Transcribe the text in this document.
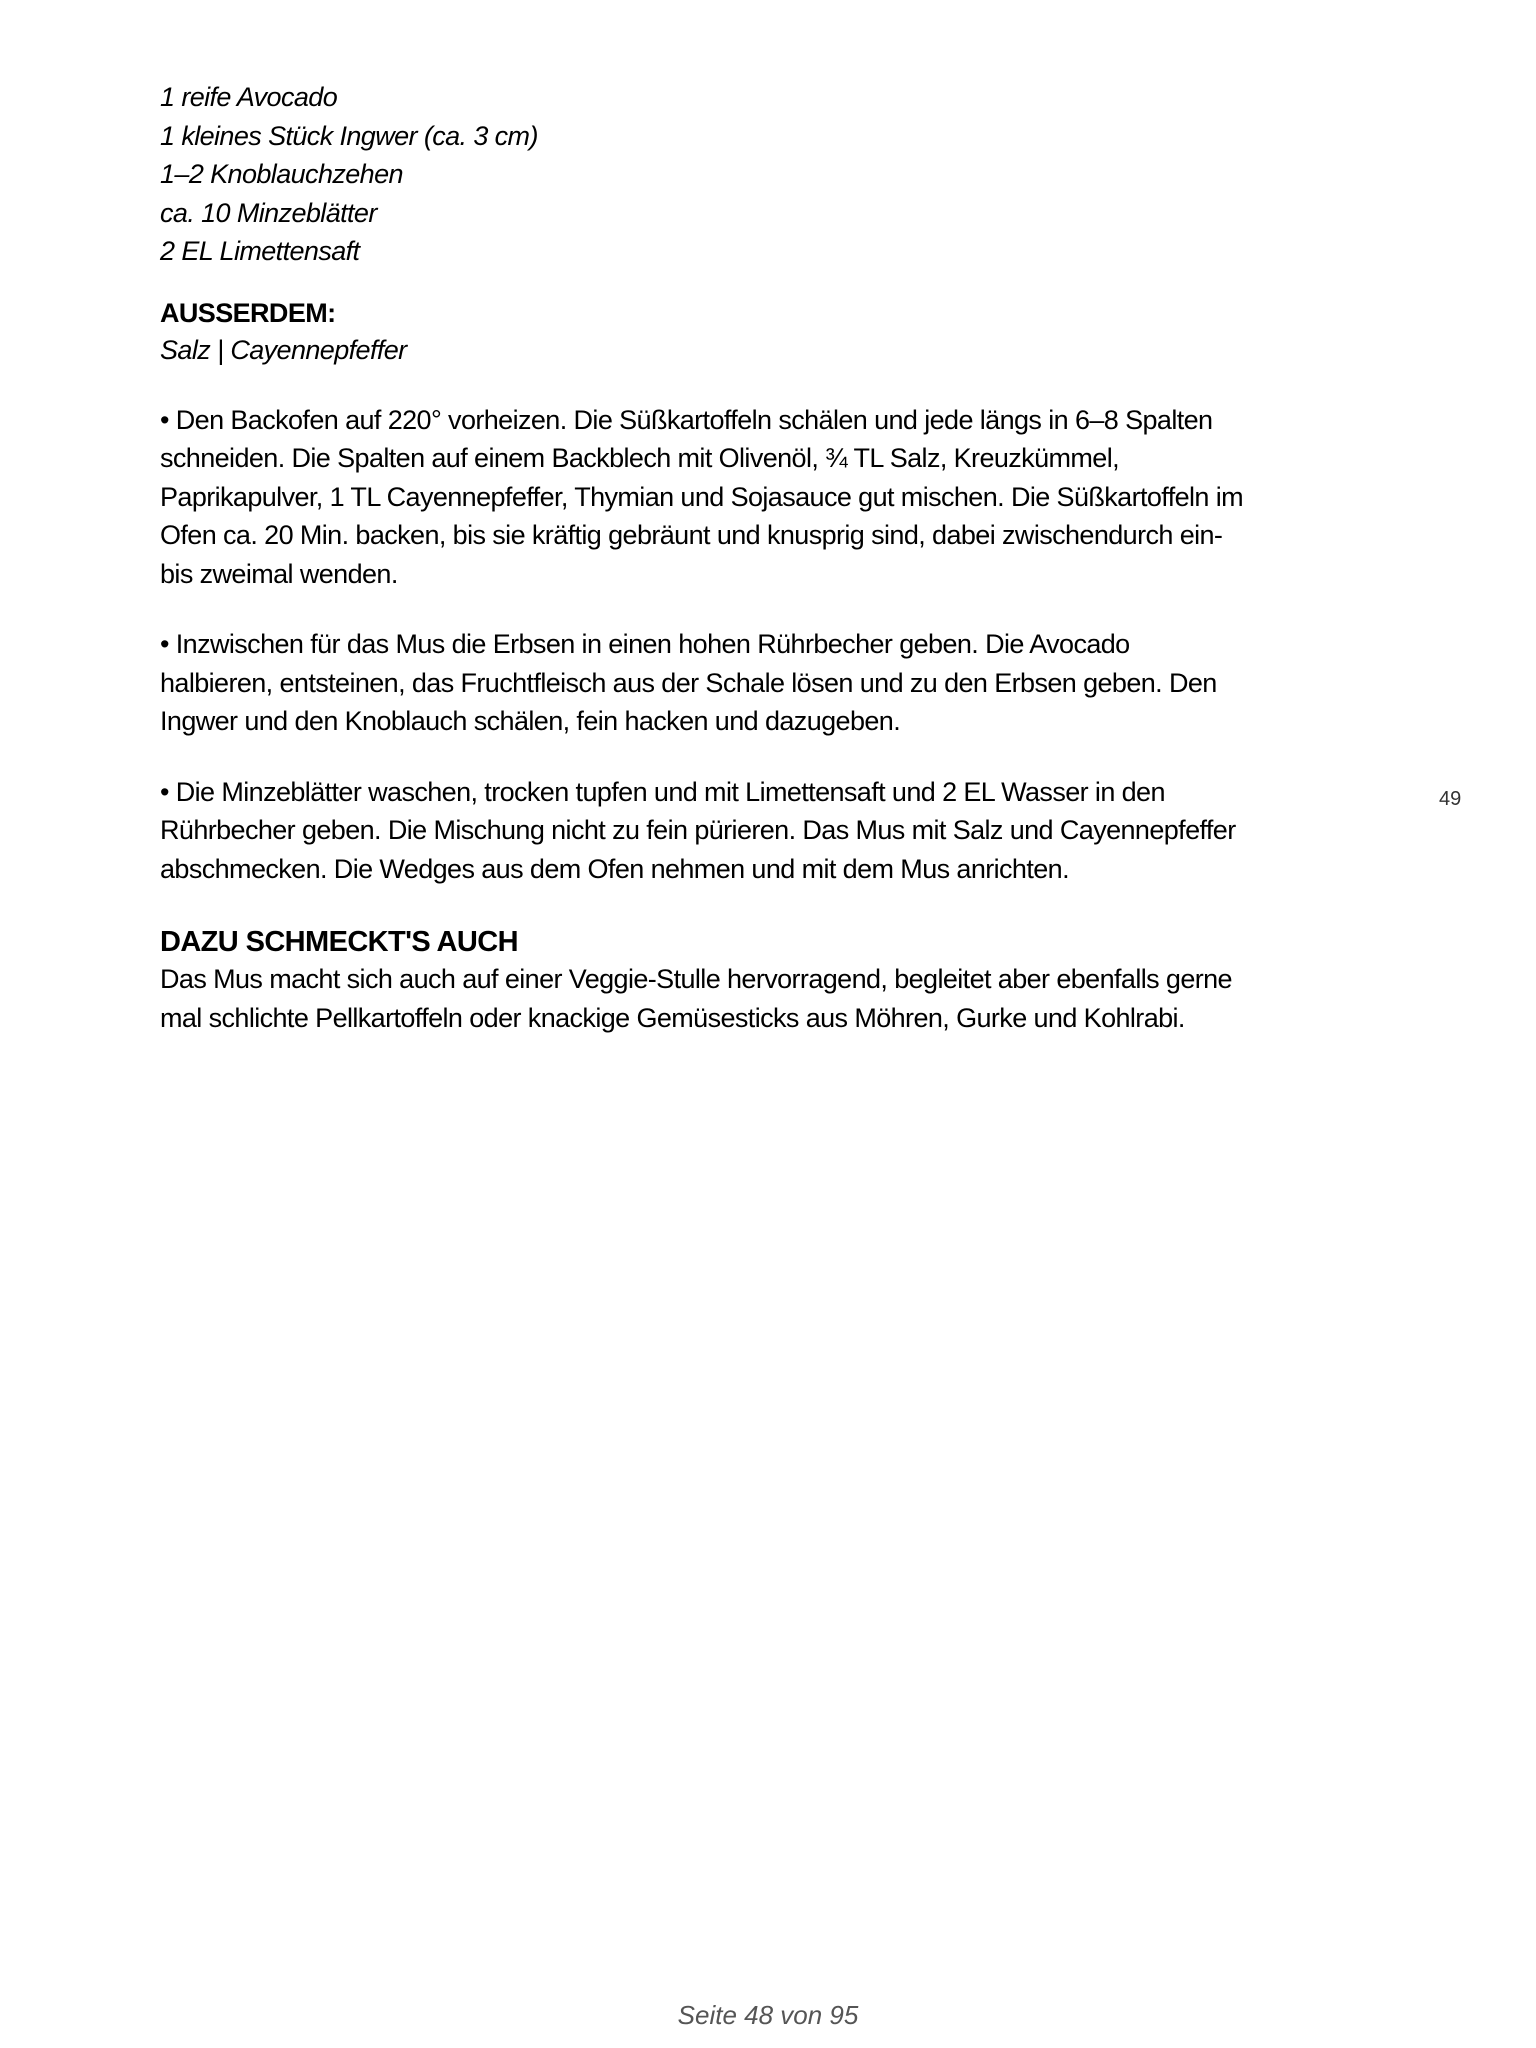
1 reife Avocado
1 kleines Stück Ingwer (ca. 3 cm)
1–2 Knoblauchzehen
ca. 10 Minzeblätter
2 EL Limettensaft
AUSSERDEM:
Salz | Cayennepfeffer
• Den Backofen auf 220° vorheizen. Die Süßkartoffeln schälen und jede längs in 6–8 Spalten
schneiden. Die Spalten auf einem Backblech mit Olivenöl, ¾ TL Salz, Kreuzkümmel,
Paprikapulver, 1 TL Cayennepfeffer, Thymian und Sojasauce gut mischen. Die Süßkartoffeln im
Ofen ca. 20 Min. backen, bis sie kräftig gebräunt und knusprig sind, dabei zwischendurch ein-
bis zweimal wenden.
• Inzwischen für das Mus die Erbsen in einen hohen Rührbecher geben. Die Avocado
halbieren, entsteinen, das Fruchtfleisch aus der Schale lösen und zu den Erbsen geben. Den
Ingwer und den Knoblauch schälen, fein hacken und dazugeben.
• Die Minzeblätter waschen, trocken tupfen und mit Limettensaft und 2 EL Wasser in den
Rührbecher geben. Die Mischung nicht zu fein pürieren. Das Mus mit Salz und Cayennepfeffer
abschmecken. Die Wedges aus dem Ofen nehmen und mit dem Mus anrichten.
DAZU SCHMECKT'S AUCH
Das Mus macht sich auch auf einer Veggie-Stulle hervorragend, begleitet aber ebenfalls gerne
mal schlichte Pellkartoffeln oder knackige Gemüsesticks aus Möhren, Gurke und Kohlrabi.
49
Seite 48 von 95
